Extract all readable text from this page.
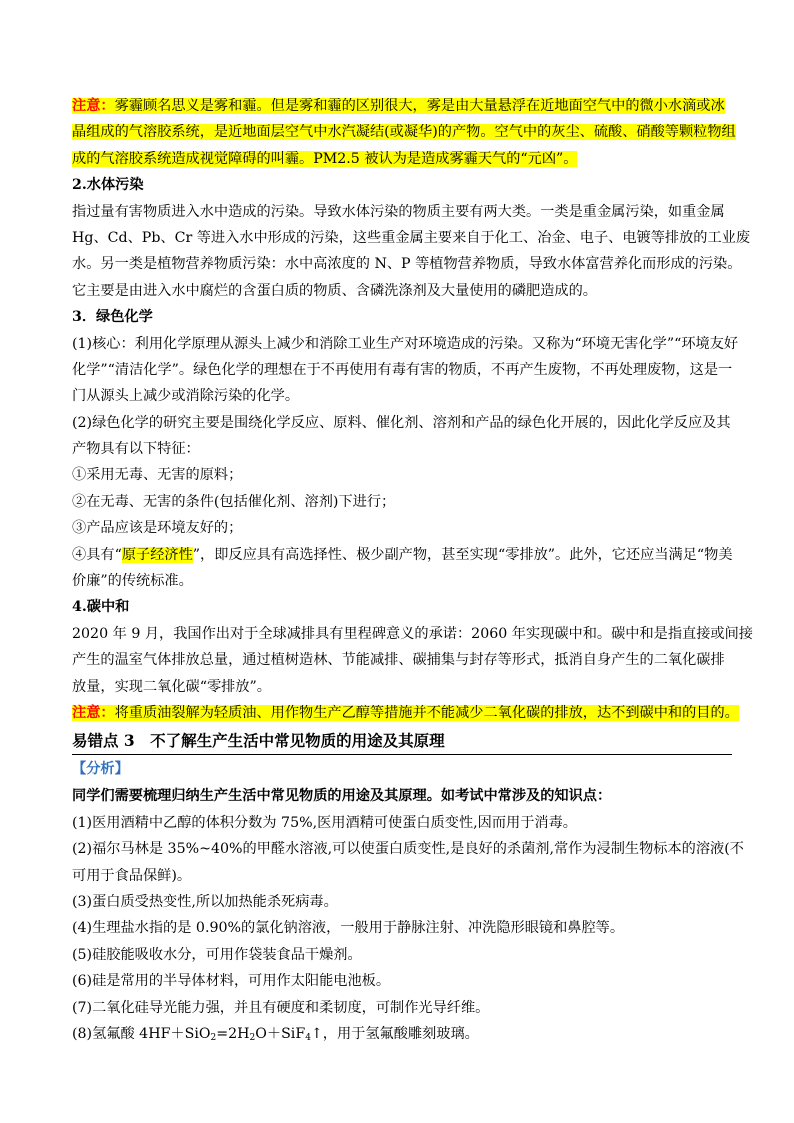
注意：雾霾顾名思义是雾和霾。但是雾和霾的区别很大，雾是由大量悬浮在近地面空气中的微小水滴或冰
晶组成的气溶胶系统，是近地面层空气中水汽凝结(或凝华)的产物。空气中的灰尘、硫酸、硝酸等颗粒物组
成的气溶胶系统造成视觉障碍的叫霾。PM2.5 被认为是造成雾霾天气的“元凶”。
2.水体污染
指过量有害物质进入水中造成的污染。导致水体污染的物质主要有两大类。一类是重金属污染，如重金属
Hg、Cd、Pb、Cr 等进入水中形成的污染，这些重金属主要来自于化工、冶金、电子、电镀等排放的工业废
水。另一类是植物营养物质污染：水中高浓度的 N、P 等植物营养物质，导致水体富营养化而形成的污染。
它主要是由进入水中腐烂的含蛋白质的物质、含磷洗涤剂及大量使用的磷肥造成的。
3．绿色化学
(1)核心：利用化学原理从源头上减少和消除工业生产对环境造成的污染。又称为“环境无害化学”“环境友好
化学”“清洁化学”。绿色化学的理想在于不再使用有毒有害的物质，不再产生废物，不再处理废物，这是一
门从源头上减少或消除污染的化学。
(2)绿色化学的研究主要是围绕化学反应、原料、催化剂、溶剂和产品的绿色化开展的，因此化学反应及其
产物具有以下特征：
①采用无毒、无害的原料；
②在无毒、无害的条件(包括催化剂、溶剂)下进行；
③产品应该是环境友好的；
④具有“原子经济性”，即反应具有高选择性、极少副产物，甚至实现“零排放”。此外，它还应当满足“物美
价廉”的传统标准。
4.碳中和
2020 年 9 月，我国作出对于全球减排具有里程碑意义的承诺：2060 年实现碳中和。碳中和是指直接或间接
产生的温室气体排放总量，通过植树造林、节能减排、碳捕集与封存等形式，抵消自身产生的二氧化碳排
放量，实现二氧化碳“零排放”。
注意：将重质油裂解为轻质油、用作物生产乙醇等措施并不能减少二氧化碳的排放，达不到碳中和的目的。
易错点 3　不了解生产生活中常见物质的用途及其原理
【分析】
同学们需要梳理归纳生产生活中常见物质的用途及其原理。如考试中常涉及的知识点：
(1)医用酒精中乙醇的体积分数为 75%,医用酒精可使蛋白质变性,因而用于消毒。
(2)福尔马林是 35%~40%的甲醛水溶液,可以使蛋白质变性,是良好的杀菌剂,常作为浸制生物标本的溶液(不
可用于食品保鲜)。
(3)蛋白质受热变性,所以加热能杀死病毒。
(4)生理盐水指的是 0.90%的氯化钠溶液，一般用于静脉注射、冲洗隐形眼镜和鼻腔等。
(5)硅胶能吸收水分，可用作袋装食品干燥剂。
(6)硅是常用的半导体材料，可用作太阳能电池板。
(7)二氧化硅导光能力强，并且有硬度和柔韧度，可制作光导纤维。
(8)氢氟酸 $4HF+SiO_2=2H_2O+SiF_4↑$，用于氢氟酸雕刻玻璃。
